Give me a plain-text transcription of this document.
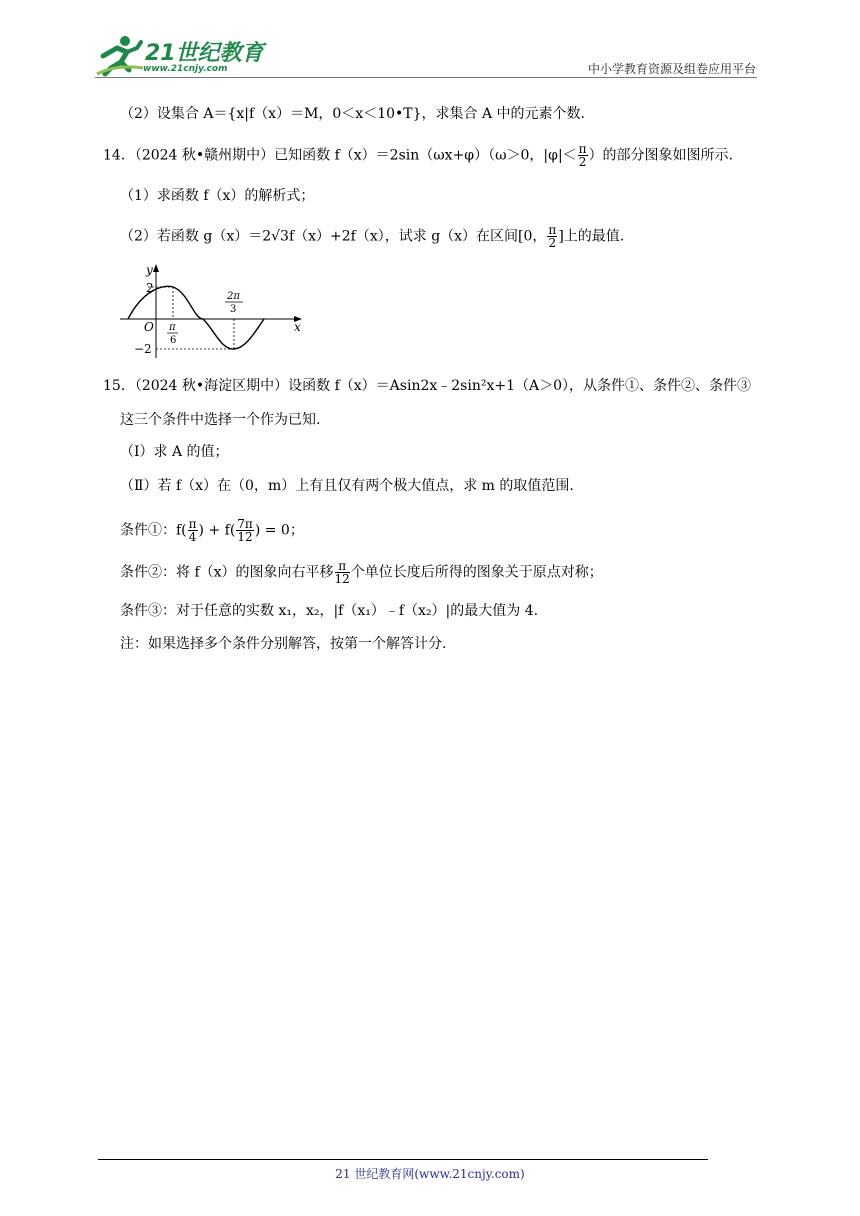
21世纪教育
www.21cnjy.com	中小学教育资源及组卷应用平台
（2）设集合 A＝{x|f（x）＝M，0＜x＜10•T}，求集合 A 中的元素个数.
14．（2024 秋•赣州期中）已知函数 f（x）＝2sin（ωx+φ）（ω＞0，$|\varphi|< \frac{\pi}{2}$ ）的部分图象如图所示.
（1）求函数 f（x）的解析式；
（2）若函数 g（x）＝2√3f（x）+2f（x），试求 g（x）在区间[0， $\frac{\pi}{2}$ ]上的最值.
y
x
O
2
−2
π
6
2π
3
15．（2024 秋•海淀区期中）设函数 f（x）＝Asin2x﹣2sin²x+1（A＞0），从条件①、条件②、条件③
这三个条件中选择一个作为已知.
（Ⅰ）求 A 的值；
（Ⅱ）若 f（x）在（0，m）上有且仅有两个极大值点，求 m 的取值范围.
条件①：$f( \frac{\pi}{4}$ ) + $f( \frac{7\pi}{12}$ ) = 0；
条件②：将 f（x）的图象向右平移 $\frac{\pi}{12}$ 个单位长度后所得的图象关于原点对称；
条件③：对于任意的实数 x₁，x₂，|f（x₁）﹣f（x₂）|的最大值为 4.
注：如果选择多个条件分别解答，按第一个解答计分.
21 世纪教育网(www.21cnjy.com)
